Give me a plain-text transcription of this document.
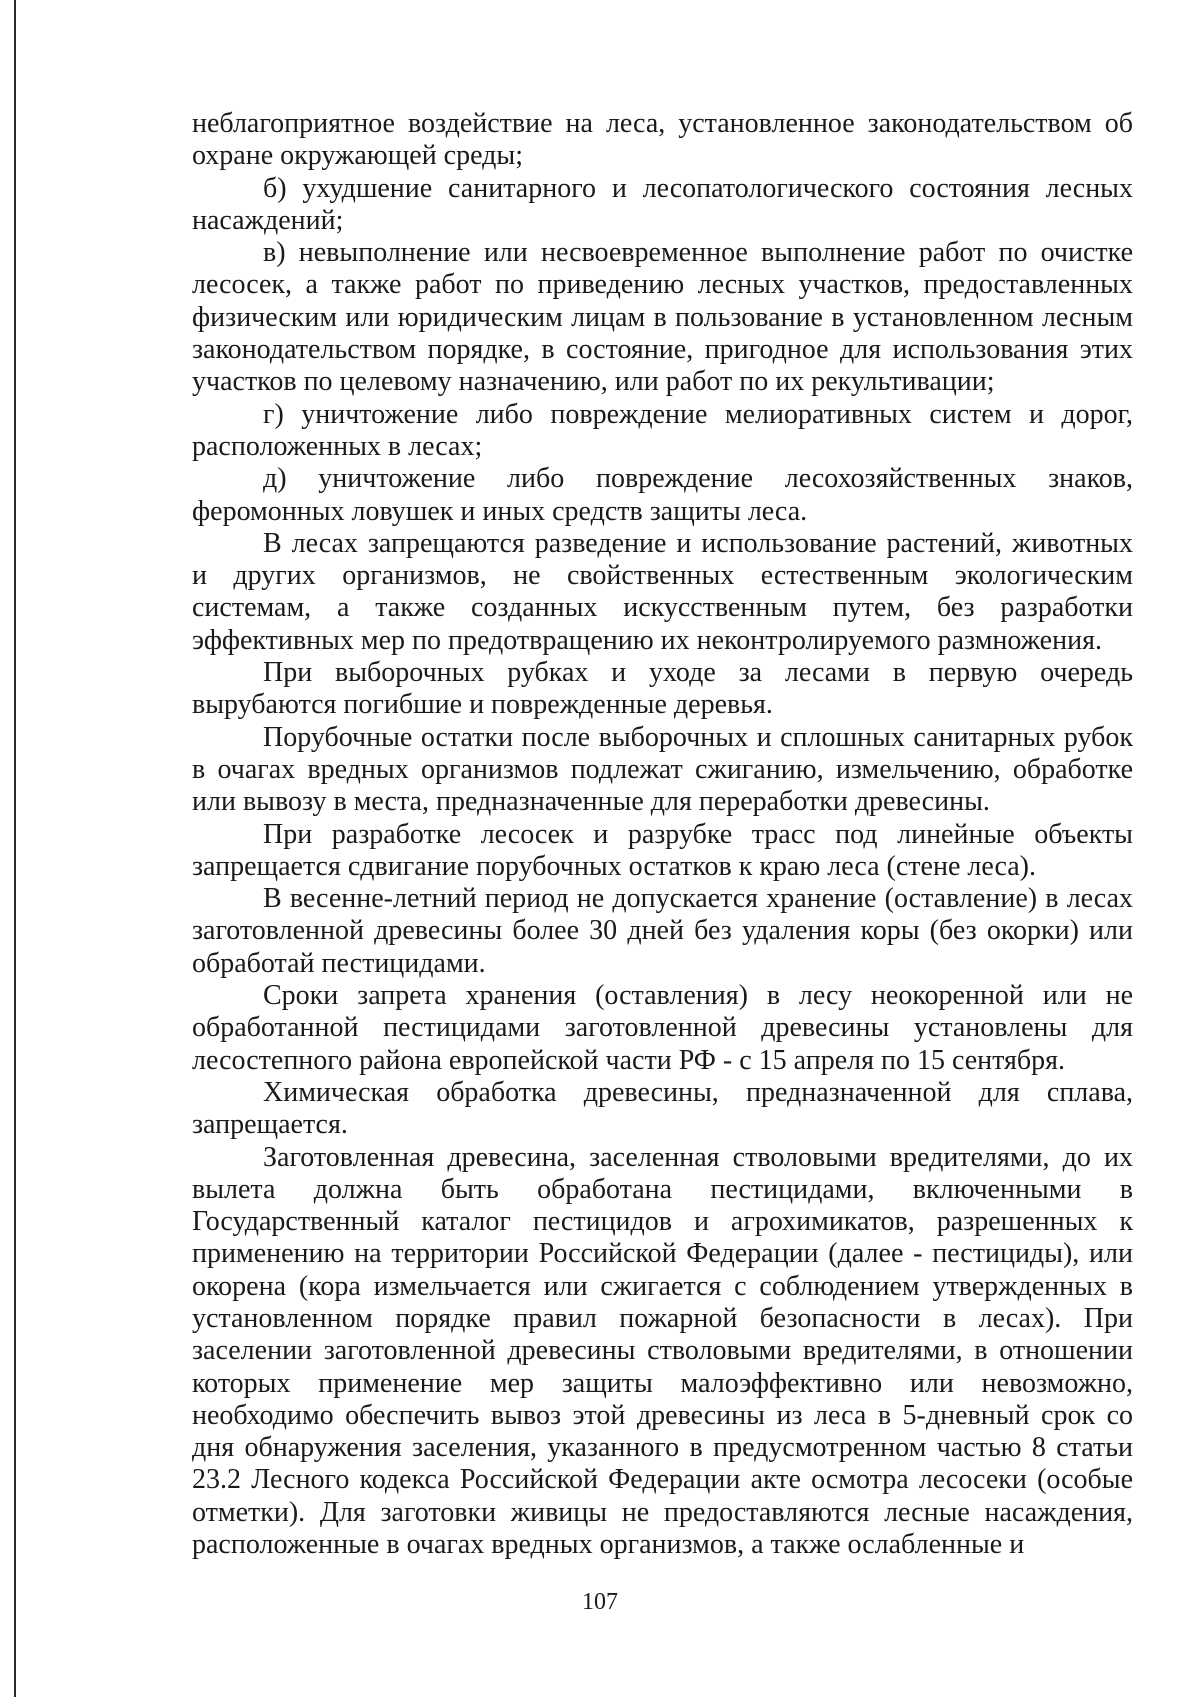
неблагоприятное воздействие на леса, установленное законодательством об охране окружающей среды;

б) ухудшение санитарного и лесопатологического состояния лесных насаждений;

в) невыполнение или несвоевременное выполнение работ по очистке лесосек, а также работ по приведению лесных участков, предоставленных физическим или юридическим лицам в пользование в установленном лесным законодательством порядке, в состояние, пригодное для использования этих участков по целевому назначению, или работ по их рекультивации;

г) уничтожение либо повреждение мелиоративных систем и дорог, расположенных в лесах;

д) уничтожение либо повреждение лесохозяйственных знаков, феромонных ловушек и иных средств защиты леса.

В лесах запрещаются разведение и использование растений, животных и других организмов, не свойственных естественным экологическим системам, а также созданных искусственным путем, без разработки эффективных мер по предотвращению их неконтролируемого размножения.

При выборочных рубках и уходе за лесами в первую очередь вырубаются погибшие и поврежденные деревья.

Порубочные остатки после выборочных и сплошных санитарных рубок в очагах вредных организмов подлежат сжиганию, измельчению, обработке или вывозу в места, предназначенные для переработки древесины.

При разработке лесосек и разрубке трасс под линейные объекты запрещается сдвигание порубочных остатков к краю леса (стене леса).

В весенне-летний период не допускается хранение (оставление) в лесах заготовленной древесины более 30 дней без удаления коры (без окорки) или обработай пестицидами.

Сроки запрета хранения (оставления) в лесу неокоренной или не обработанной пестицидами заготовленной древесины установлены для лесостепного района европейской части РФ - с 15 апреля по 15 сентября.

Химическая обработка древесины, предназначенной для сплава, запрещается.

Заготовленная древесина, заселенная стволовыми вредителями, до их вылета должна быть обработана пестицидами, включенными в Государственный каталог пестицидов и агрохимикатов, разрешенных к применению на территории Российской Федерации (далее - пестициды), или окорена (кора измельчается или сжигается с соблюдением утвержденных в установленном порядке правил пожарной безопасности в лесах). При заселении заготовленной древесины стволовыми вредителями, в отношении которых применение мер защиты малоэффективно или невозможно, необходимо обеспечить вывоз этой древесины из леса в 5-дневный срок со дня обнаружения заселения, указанного в предусмотренном частью 8 статьи 23.2 Лесного кодекса Российской Федерации акте осмотра лесосеки (особые отметки). Для заготовки живицы не предоставляются лесные насаждения, расположенные в очагах вредных организмов, а также ослабленные и

107
